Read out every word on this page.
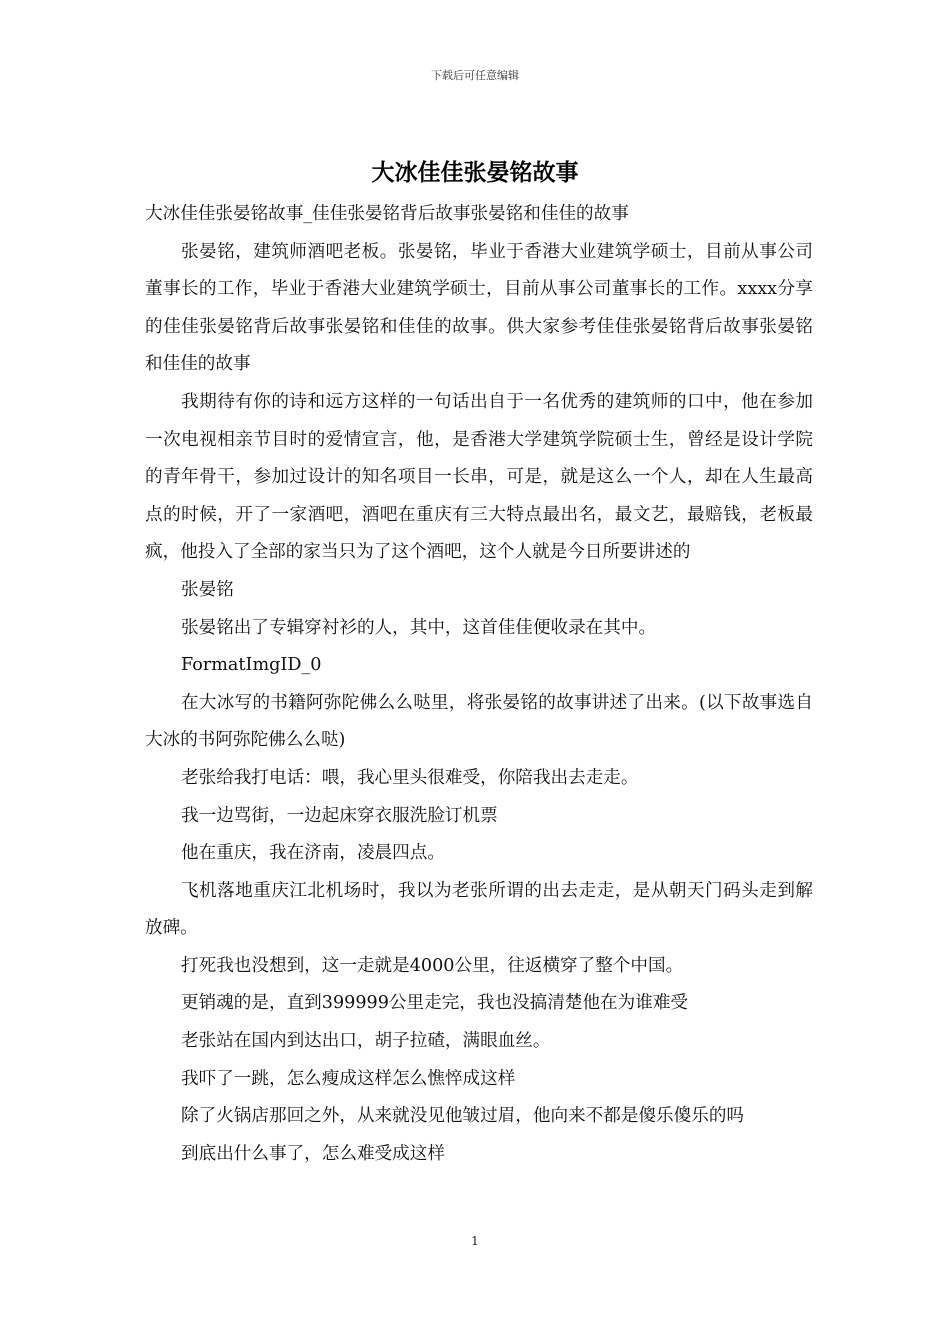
下载后可任意编辑
大冰佳佳张晏铭故事

大冰佳佳张晏铭故事_佳佳张晏铭背后故事张晏铭和佳佳的故事

张晏铭，建筑师酒吧老板。张晏铭，毕业于香港大业建筑学硕士，目前从事公司董事长的工作，毕业于香港大业建筑学硕士，目前从事公司董事长的工作。xxxx分享的佳佳张晏铭背后故事张晏铭和佳佳的故事。供大家参考佳佳张晏铭背后故事张晏铭和佳佳的故事

我期待有你的诗和远方这样的一句话出自于一名优秀的建筑师的口中，他在参加一次电视相亲节目时的爱情宣言，他，是香港大学建筑学院硕士生，曾经是设计学院的青年骨干，参加过设计的知名项目一长串，可是，就是这么一个人，却在人生最高点的时候，开了一家酒吧，酒吧在重庆有三大特点最出名，最文艺，最赔钱，老板最疯，他投入了全部的家当只为了这个酒吧，这个人就是今日所要讲述的

张晏铭

张晏铭出了专辑穿衬衫的人，其中，这首佳佳便收录在其中。

FormatImgID_0

在大冰写的书籍阿弥陀佛么么哒里，将张晏铭的故事讲述了出来。(以下故事选自大冰的书阿弥陀佛么么哒)

老张给我打电话：喂，我心里头很难受，你陪我出去走走。

我一边骂街，一边起床穿衣服洗脸订机票

他在重庆，我在济南，凌晨四点。

飞机落地重庆江北机场时，我以为老张所谓的出去走走，是从朝天门码头走到解放碑。

打死我也没想到，这一走就是4000公里，往返横穿了整个中国。

更销魂的是，直到399999公里走完，我也没搞清楚他在为谁难受

老张站在国内到达出口，胡子拉碴，满眼血丝。

我吓了一跳，怎么瘦成这样怎么憔悴成这样

除了火锅店那回之外，从来就没见他皱过眉，他向来不都是傻乐傻乐的吗

到底出什么事了，怎么难受成这样

1
